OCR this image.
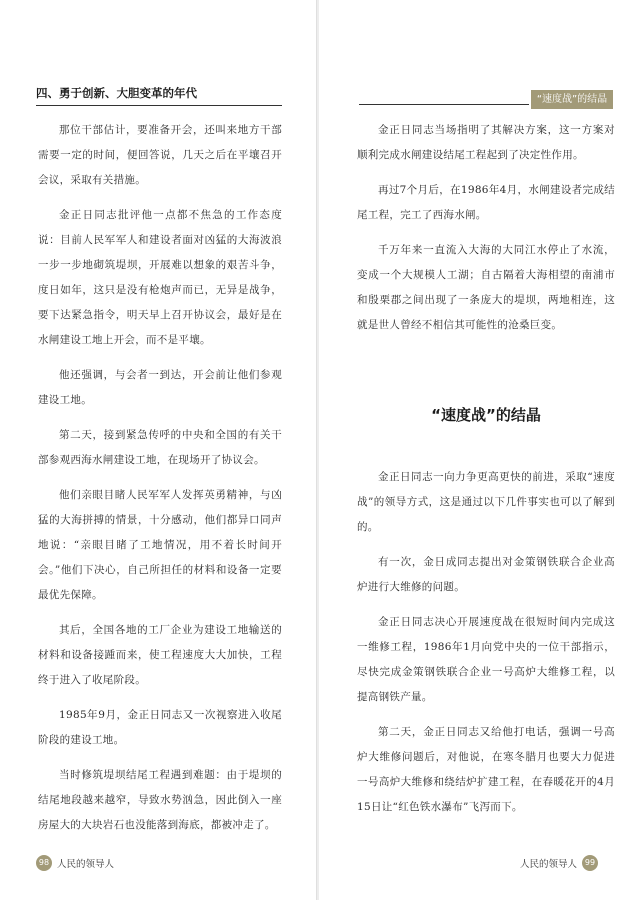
四、勇于创新、大胆变革的年代

那位干部估计，要准备开会，还叫来地方干部需要一定的时间，便回答说，几天之后在平壤召开会议，采取有关措施。

金正日同志批评他一点都不焦急的工作态度说：目前人民军军人和建设者面对凶猛的大海波浪一步一步地砌筑堤坝，开展难以想象的艰苦斗争，度日如年，这只是没有枪炮声而已，无异是战争，要下达紧急指令，明天早上召开协议会，最好是在水闸建设工地上开会，而不是平壤。

他还强调，与会者一到达，开会前让他们参观建设工地。

第二天，接到紧急传呼的中央和全国的有关干部参观西海水闸建设工地，在现场开了协议会。

他们亲眼目睹人民军军人发挥英勇精神，与凶猛的大海拼搏的情景，十分感动，他们都异口同声地说：“亲眼目睹了工地情况，用不着长时间开会。”他们下决心，自己所担任的材料和设备一定要最优先保障。

其后，全国各地的工厂企业为建设工地输送的材料和设备接踵而来，使工程速度大大加快，工程终于进入了收尾阶段。

1985年9月，金正日同志又一次视察进入收尾阶段的建设工地。

当时修筑堤坝结尾工程遇到难题：由于堤坝的结尾地段越来越窄，导致水势汹急，因此倒入一座房屋大的大块岩石也没能落到海底，都被冲走了。

98 人民的领导人
“速度战”的结晶

金正日同志当场指明了其解决方案，这一方案对顺利完成水闸建设结尾工程起到了决定性作用。

再过7个月后，在1986年4月，水闸建设者完成结尾工程，完工了西海水闸。

千万年来一直流入大海的大同江水停止了水流，变成一个大规模人工湖；自古隔着大海相望的南浦市和殷栗郡之间出现了一条庞大的堤坝，两地相连，这就是世人曾经不相信其可能性的沧桑巨变。

“速度战”的结晶

金正日同志一向力争更高更快的前进，采取“速度战”的领导方式，这是通过以下几件事实也可以了解到的。

有一次，金日成同志提出对金策钢铁联合企业高炉进行大维修的问题。

金正日同志决心开展速度战在很短时间内完成这一维修工程，1986年1月向党中央的一位干部指示，尽快完成金策钢铁联合企业一号高炉大维修工程，以提高钢铁产量。

第二天，金正日同志又给他打电话，强调一号高炉大维修问题后，对他说，在寒冬腊月也要大力促进一号高炉大维修和绕结炉扩建工程，在春暖花开的4月15日让“红色铁水瀑布”飞泻而下。

人民的领导人 99
